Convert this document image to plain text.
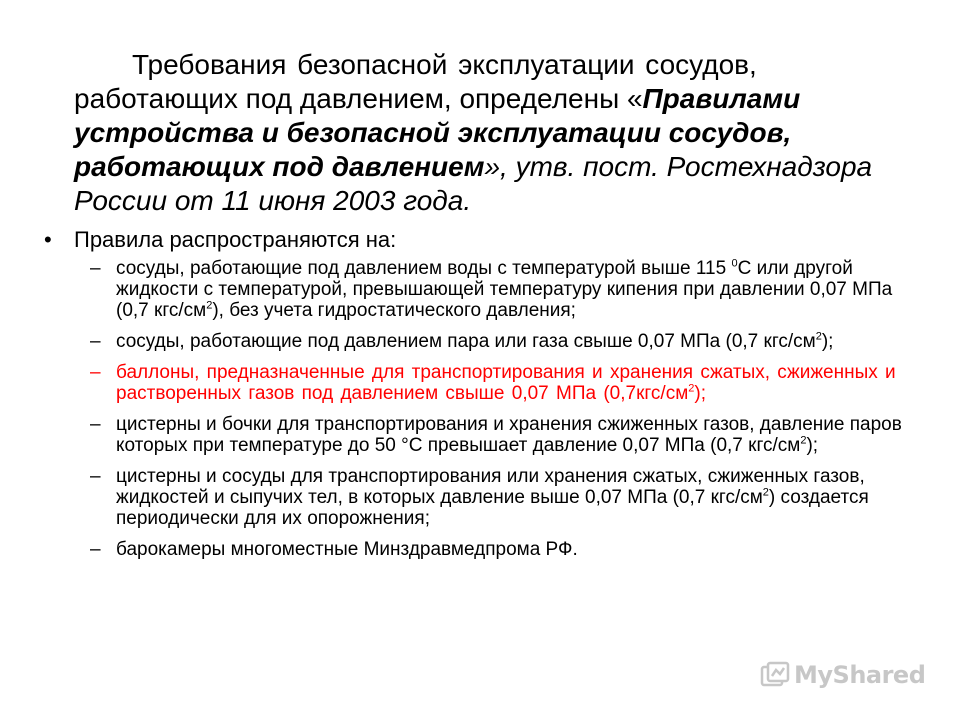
Требования безопасной эксплуатации сосудов,
работающих под давлением, определены «Правилами устройства и безопасной эксплуатации сосудов, работающих под давлением», утв. пост. Ростехнадзора России от 11 июня 2003 года.
• Правила распространяются на:
– сосуды, работающие под давлением воды с температурой выше 115 $^0$С или другой жидкости с температурой, превышающей температуру кипения при давлении 0,07 МПа (0,7 кгс/$см^2$), без учета гидростатического давления;
– сосуды, работающие под давлением пара или газа свыше 0,07 МПа (0,7 кгс/$см^2$);
– баллоны, предназначенные для транспортирования и хранения сжатых, сжиженных и растворенных газов под давлением свыше 0,07 МПа $(0,7кгс/см^2)$;
– цистерны и бочки для транспортирования и хранения сжиженных газов, давление паров которых при температуре до 50 °С превышает давление 0,07 МПа (0,7 кгс/$см^2$);
– цистерны и сосуды для транспортирования или хранения сжатых, сжиженных газов, жидкостей и сыпучих тел, в которых давление выше 0,07 МПа (0,7 кгс/$см^2$) создается периодически для их опорожнения;
– барокамеры многоместные Минздравмедпрома РФ.
MyShared
